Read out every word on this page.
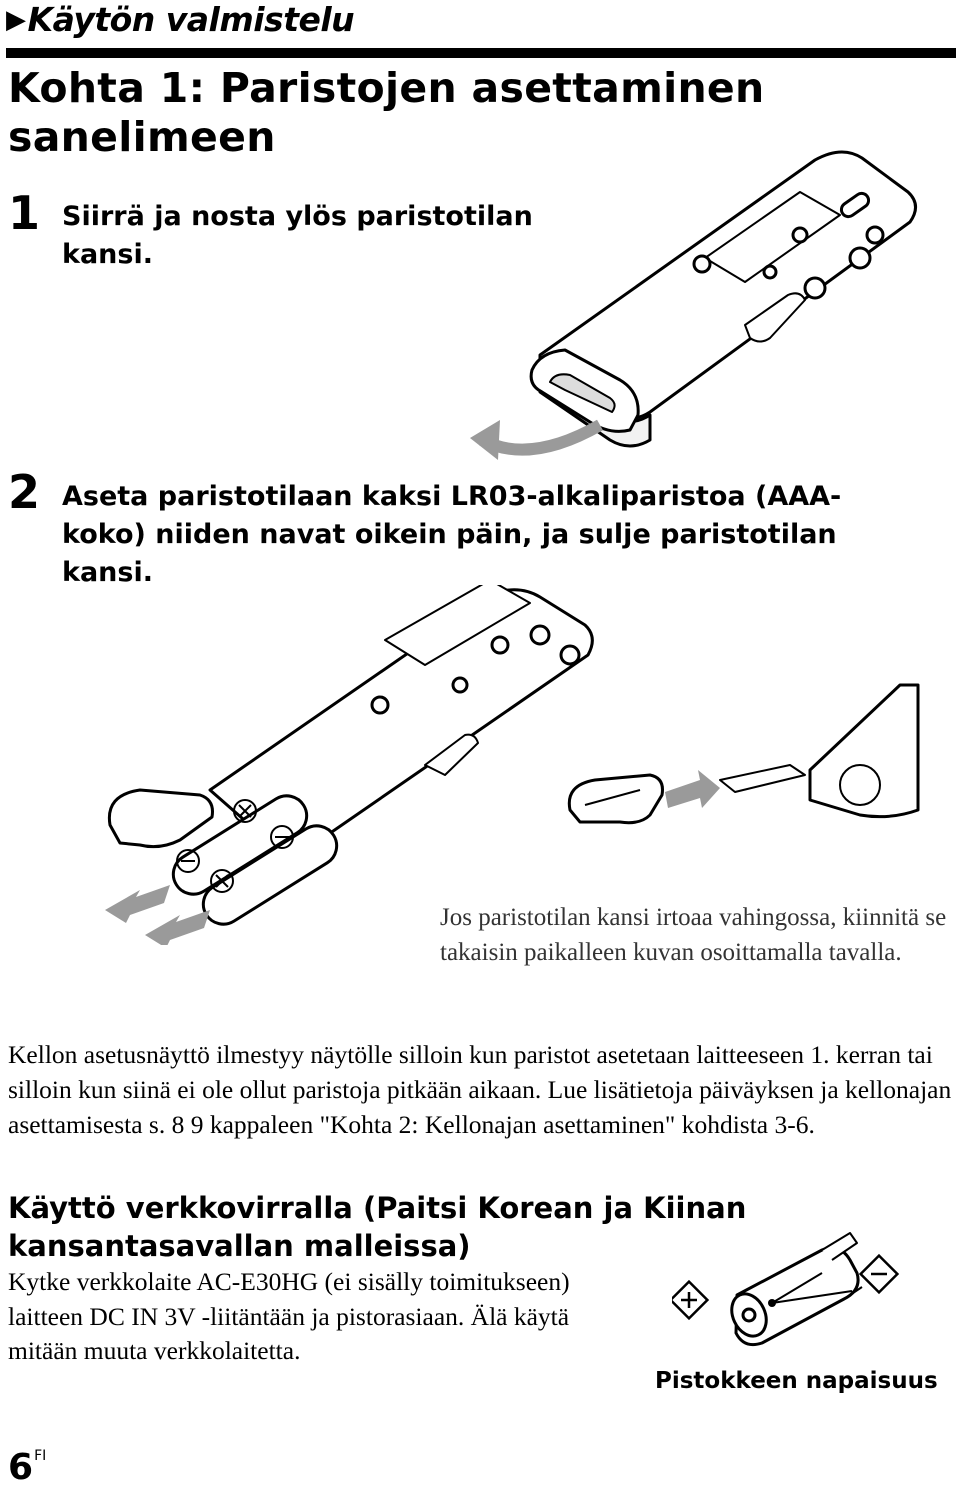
▶Käytön valmistelu
Kohta 1: Paristojen asettaminen sanelimeen
1 Siirrä ja nosta ylös paristotilan kansi.
2 Aseta paristotilaan kaksi LR03-alkaliparistoa (AAA-koko) niiden navat oikein päin, ja sulje paristotilan kansi.
Jos paristotilan kansi irtoaa vahingossa, kiinnitä se takaisin paikalleen kuvan osoittamalla tavalla.
Kellon asetusnäyttö ilmestyy näytölle silloin kun paristot asetetaan laitteeseen 1. kerran tai silloin kun siinä ei ole ollut paristoja pitkään aikaan. Lue lisätietoja päiväyksen ja kellonajan asettamisesta s. 8 9 kappaleen "Kohta 2: Kellonajan asettaminen" kohdista 3-6.
Käyttö verkkovirralla (Paitsi Korean ja Kiinan kansantasavallan malleissa)
Kytke verkkolaite AC-E30HG (ei sisälly toimitukseen) laitteen DC IN 3V -liitäntään ja pistorasiaan. Älä käytä mitään muuta verkkolaitetta.
Pistokkeen napaisuus
$6^{FI}$
